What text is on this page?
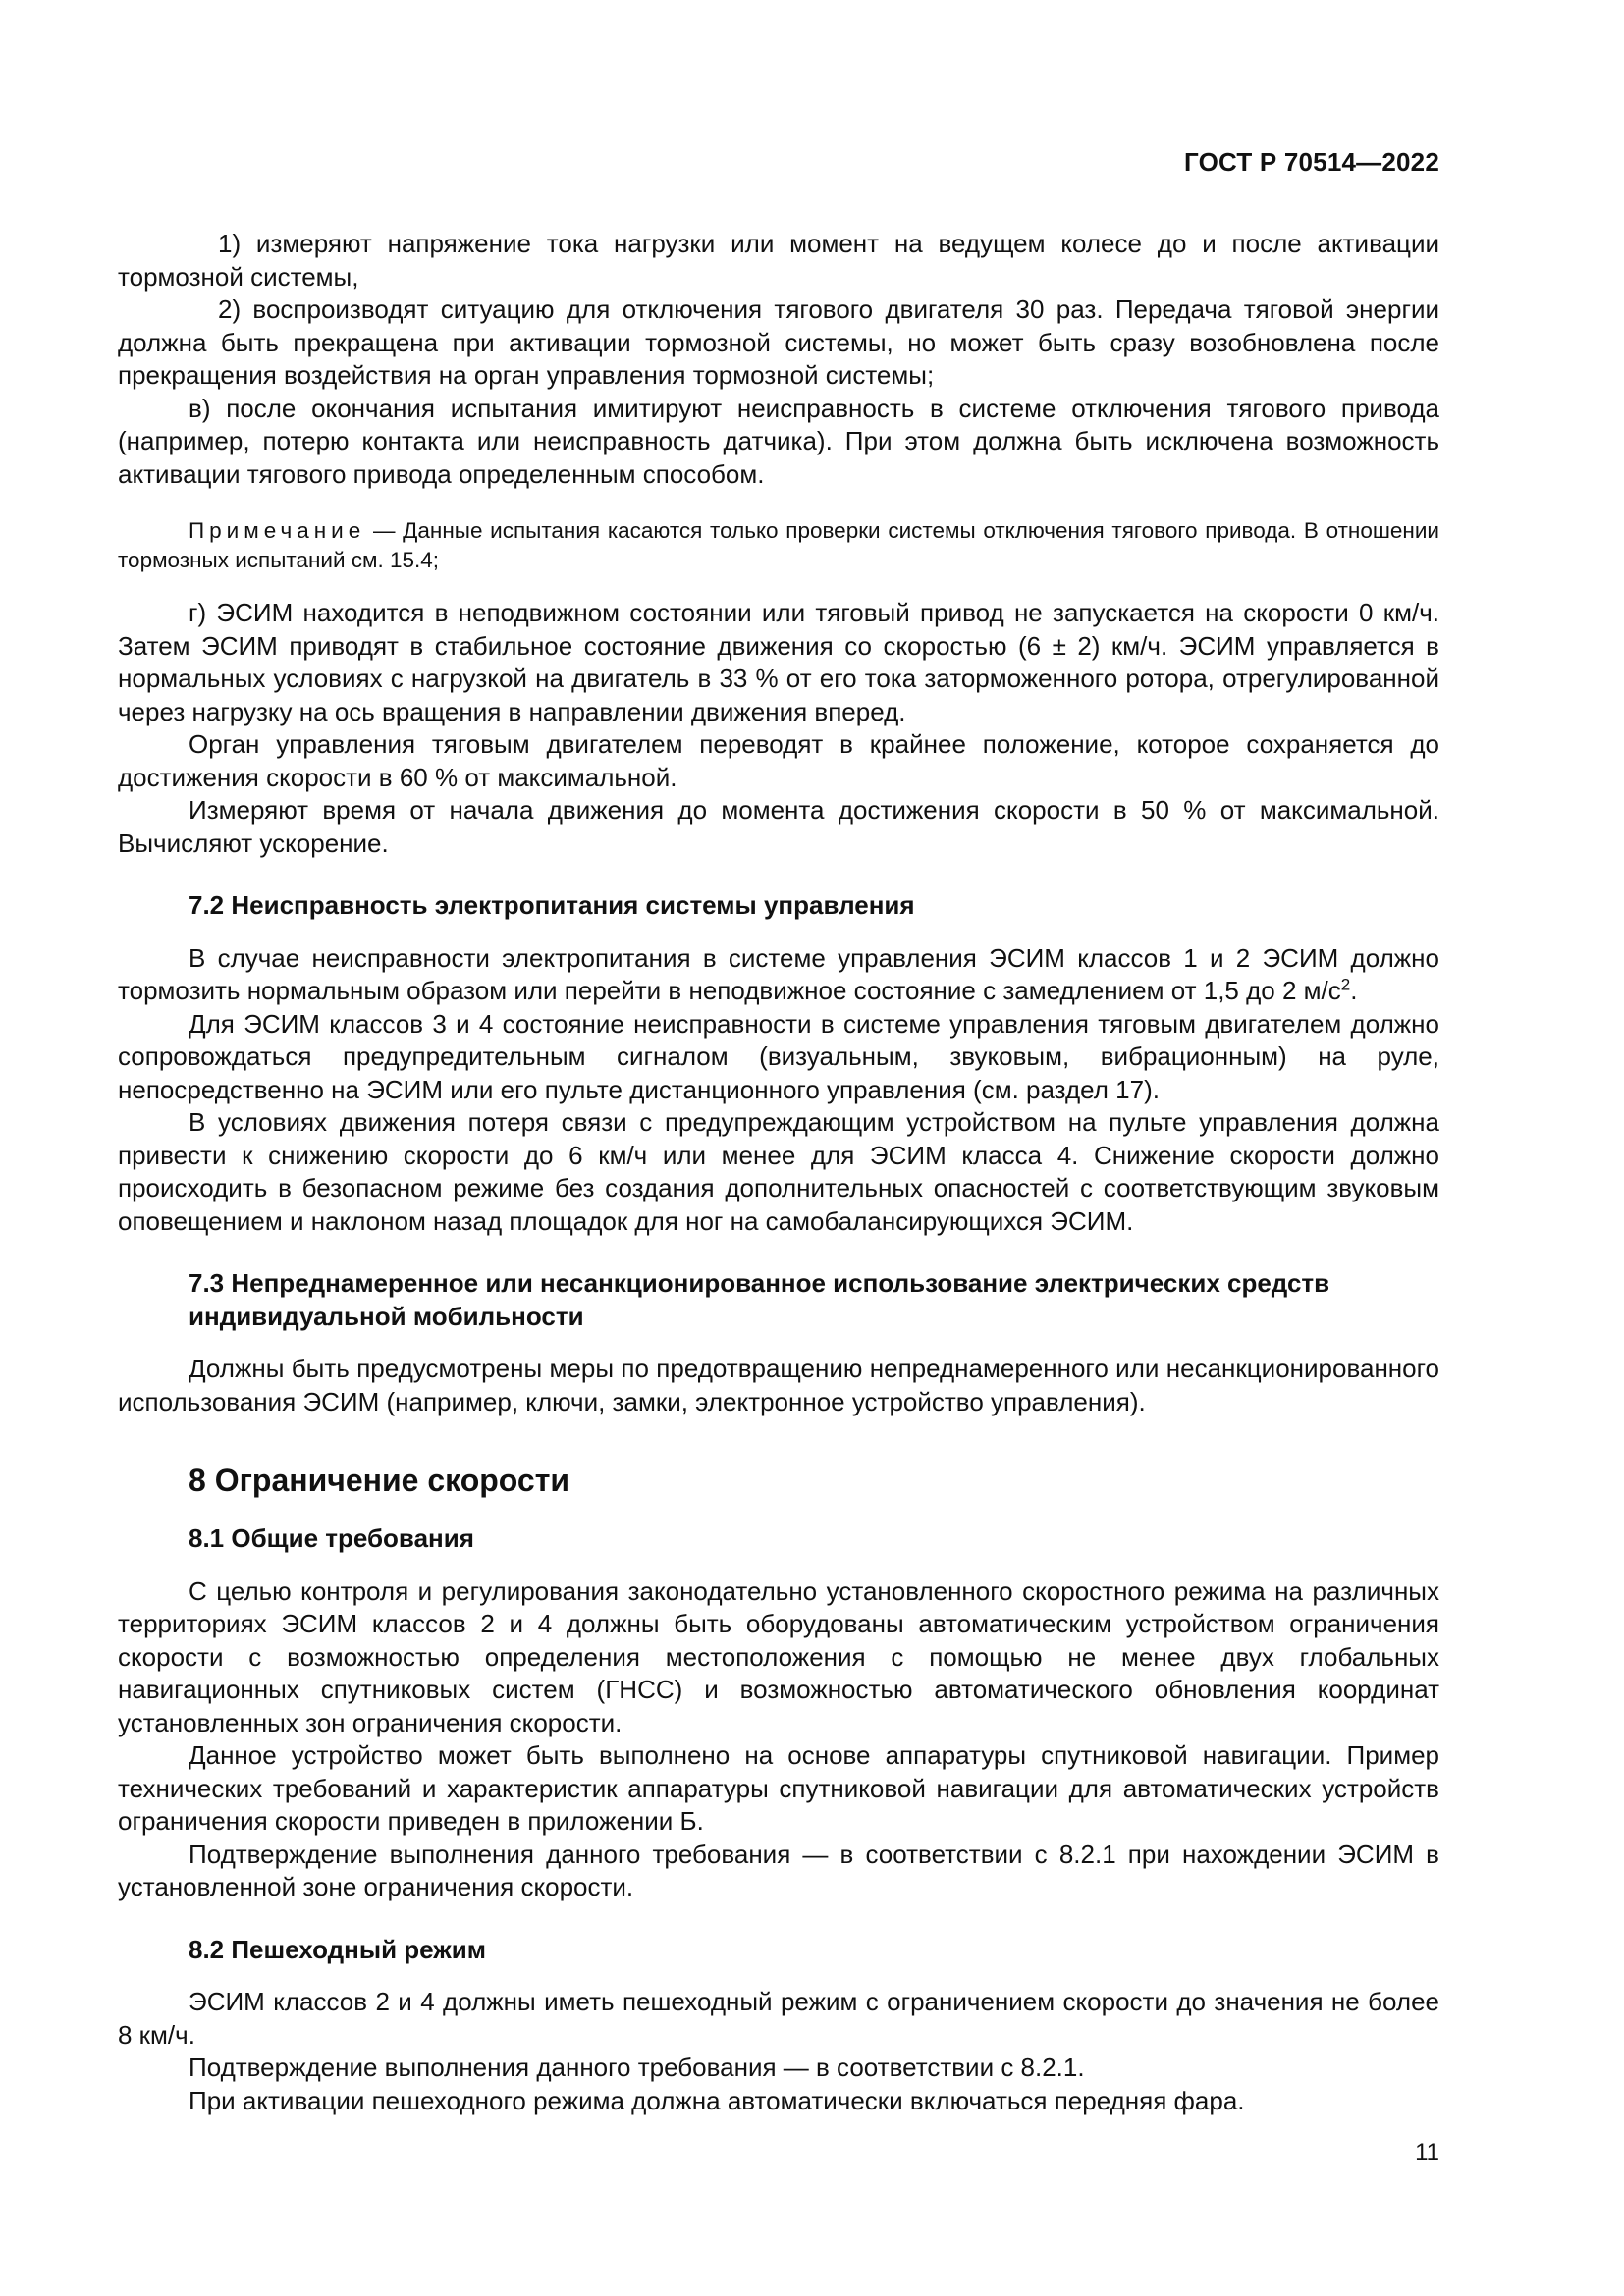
ГОСТ Р 70514—2022

1) измеряют напряжение тока нагрузки или момент на ведущем колесе до и после активации тормозной системы,

2) воспроизводят ситуацию для отключения тягового двигателя 30 раз. Передача тяговой энергии должна быть прекращена при активации тормозной системы, но может быть сразу возобновлена после прекращения воздействия на орган управления тормозной системы;

в) после окончания испытания имитируют неисправность в системе отключения тягового привода (например, потерю контакта или неисправность датчика). При этом должна быть исключена возможность активации тягового привода определенным способом.

Примечание — Данные испытания касаются только проверки системы отключения тягового привода. В отношении тормозных испытаний см. 15.4;

г) ЭСИМ находится в неподвижном состоянии или тяговый привод не запускается на скорости 0 км/ч. Затем ЭСИМ приводят в стабильное состояние движения со скоростью (6 ± 2) км/ч. ЭСИМ управляется в нормальных условиях с нагрузкой на двигатель в 33 % от его тока заторможенного ротора, отрегулированной через нагрузку на ось вращения в направлении движения вперед.

Орган управления тяговым двигателем переводят в крайнее положение, которое сохраняется до достижения скорости в 60 % от максимальной.

Измеряют время от начала движения до момента достижения скорости в 50 % от максимальной. Вычисляют ускорение.

7.2 Неисправность электропитания системы управления

В случае неисправности электропитания в системе управления ЭСИМ классов 1 и 2 ЭСИМ должно тормозить нормальным образом или перейти в неподвижное состояние с замедлением от 1,5 до 2 $м/с^2$.

Для ЭСИМ классов 3 и 4 состояние неисправности в системе управления тяговым двигателем должно сопровождаться предупредительным сигналом (визуальным, звуковым, вибрационным) на руле, непосредственно на ЭСИМ или его пульте дистанционного управления (см. раздел 17).

В условиях движения потеря связи с предупреждающим устройством на пульте управления должна привести к снижению скорости до 6 км/ч или менее для ЭСИМ класса 4. Снижение скорости должно происходить в безопасном режиме без создания дополнительных опасностей с соответствующим звуковым оповещением и наклоном назад площадок для ног на самобалансирующихся ЭСИМ.

7.3 Непреднамеренное или несанкционированное использование электрических средств
индивидуальной мобильности

Должны быть предусмотрены меры по предотвращению непреднамеренного или несанкционированного использования ЭСИМ (например, ключи, замки, электронное устройство управления).

8 Ограничение скорости
8.1 Общие требования

С целью контроля и регулирования законодательно установленного скоростного режима на различных территориях ЭСИМ классов 2 и 4 должны быть оборудованы автоматическим устройством ограничения скорости с возможностью определения местоположения с помощью не менее двух глобальных навигационных спутниковых систем (ГНСС) и возможностью автоматического обновления координат установленных зон ограничения скорости.

Данное устройство может быть выполнено на основе аппаратуры спутниковой навигации. Пример технических требований и характеристик аппаратуры спутниковой навигации для автоматических устройств ограничения скорости приведен в приложении Б.

Подтверждение выполнения данного требования — в соответствии с 8.2.1 при нахождении ЭСИМ в установленной зоне ограничения скорости.

8.2 Пешеходный режим

ЭСИМ классов 2 и 4 должны иметь пешеходный режим с ограничением скорости до значения не более 8 км/ч.

Подтверждение выполнения данного требования — в соответствии с 8.2.1.

При активации пешеходного режима должна автоматически включаться передняя фара.

11
